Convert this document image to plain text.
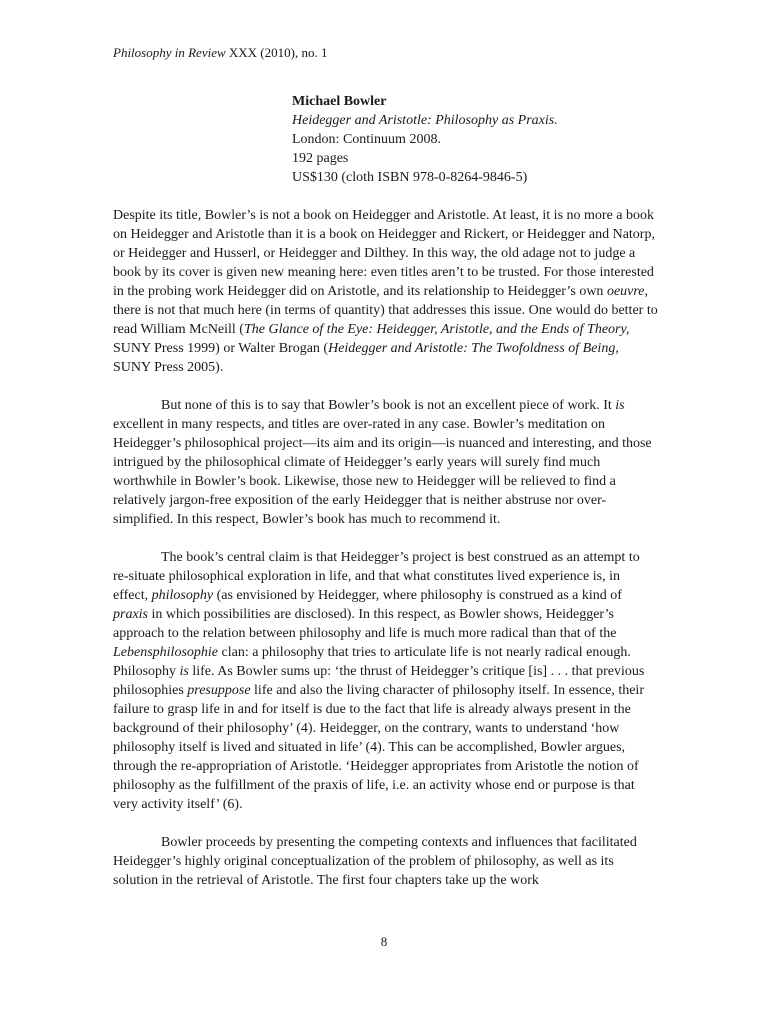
Philosophy in Review XXX (2010), no. 1
Michael Bowler
Heidegger and Aristotle: Philosophy as Praxis.
London: Continuum 2008.
192 pages
US$130 (cloth ISBN 978-0-8264-9846-5)

Despite its title, Bowler’s is not a book on Heidegger and Aristotle. At least, it is no more a book on Heidegger and Aristotle than it is a book on Heidegger and Rickert, or Heidegger and Natorp, or Heidegger and Husserl, or Heidegger and Dilthey. In this way, the old adage not to judge a book by its cover is given new meaning here: even titles aren’t to be trusted. For those interested in the probing work Heidegger did on Aristotle, and its relationship to Heidegger’s own oeuvre, there is not that much here (in terms of quantity) that addresses this issue. One would do better to read William McNeill (The Glance of the Eye: Heidegger, Aristotle, and the Ends of Theory, SUNY Press 1999) or Walter Brogan (Heidegger and Aristotle: The Twofoldness of Being, SUNY Press 2005).

But none of this is to say that Bowler’s book is not an excellent piece of work. It is excellent in many respects, and titles are over-rated in any case. Bowler’s meditation on Heidegger’s philosophical project—its aim and its origin—is nuanced and interesting, and those intrigued by the philosophical climate of Heidegger’s early years will surely find much worthwhile in Bowler’s book. Likewise, those new to Heidegger will be relieved to find a relatively jargon-free exposition of the early Heidegger that is neither abstruse nor over-simplified. In this respect, Bowler’s book has much to recommend it.

The book’s central claim is that Heidegger’s project is best construed as an attempt to re-situate philosophical exploration in life, and that what constitutes lived experience is, in effect, philosophy (as envisioned by Heidegger, where philosophy is construed as a kind of praxis in which possibilities are disclosed). In this respect, as Bowler shows, Heidegger’s approach to the relation between philosophy and life is much more radical than that of the Lebensphilosophie clan: a philosophy that tries to articulate life is not nearly radical enough. Philosophy is life. As Bowler sums up: ‘the thrust of Heidegger’s critique [is] . . . that previous philosophies presuppose life and also the living character of philosophy itself. In essence, their failure to grasp life in and for itself is due to the fact that life is already always present in the background of their philosophy’ (4). Heidegger, on the contrary, wants to understand ‘how philosophy itself is lived and situated in life’ (4). This can be accomplished, Bowler argues, through the re-appropriation of Aristotle. ‘Heidegger appropriates from Aristotle the notion of philosophy as the fulfillment of the praxis of life, i.e. an activity whose end or purpose is that very activity itself’ (6).

Bowler proceeds by presenting the competing contexts and influences that facilitated Heidegger’s highly original conceptualization of the problem of philosophy, as well as its solution in the retrieval of Aristotle. The first four chapters take up the work

8
